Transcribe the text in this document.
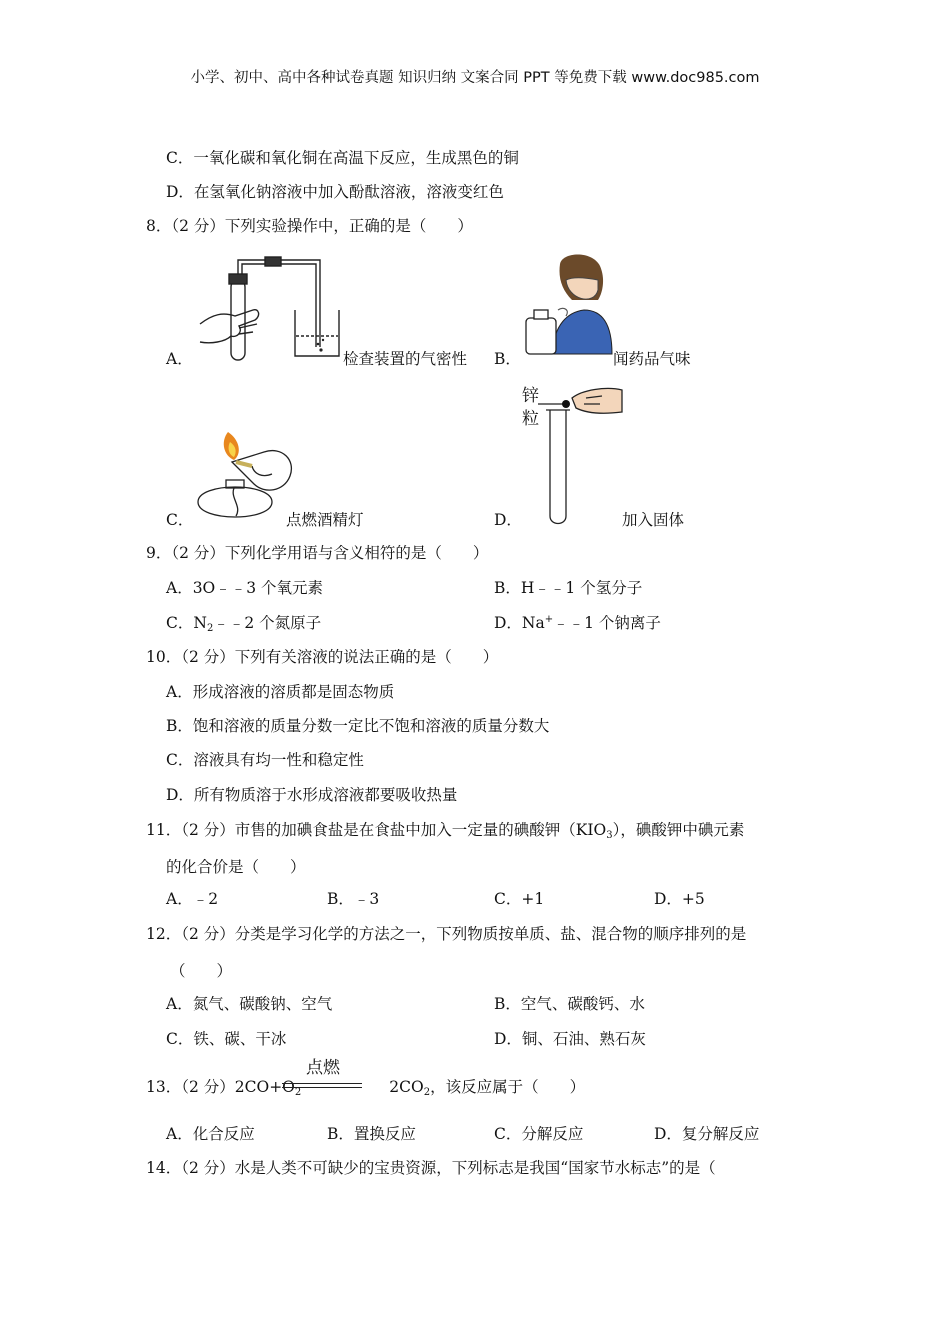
小学、初中、高中各种试卷真题 知识归纳 文案合同 PPT 等免费下载 www.doc985.com
C．一氧化碳和氧化铜在高温下反应，生成黑色的铜
D．在氢氧化钠溶液中加入酚酞溶液，溶液变红色
8．（2 分）下列实验操作中，正确的是（　　）
A．	检查装置的气密性 B．	闻药品气味
C．	点燃酒精灯
锌
粒
D．	加入固体
9．（2 分）下列化学用语与含义相符的是（　　）
A．3O﹣﹣3 个氧元素	B．H﹣﹣1 个氢分子
C．$N_2﹣﹣2$ 个氮原子	D．Na+﹣﹣1 个钠离子
10．（2 分）下列有关溶液的说法正确的是（　　）
A．形成溶液的溶质都是固态物质
B．饱和溶液的质量分数一定比不饱和溶液的质量分数大
C．溶液具有均一性和稳定性
D．所有物质溶于水形成溶液都要吸收热量
11．（2 分）市售的加碘食盐是在食盐中加入一定量的碘酸钾$(KIO_3)$，碘酸钾中碘元素
的化合价是（　　）
A．﹣2	B．﹣3	C．+1	D．+5
12．（2 分）分类是学习化学的方法之一，下列物质按单质、盐、混合物的顺序排列的是
（　　）
A．氮气、碳酸钠、空气	B．空气、碳酸钙、水
C．铁、碳、干冰	D．铜、石油、熟石灰
13．（2 分）$2CO+O_2$	$2CO_2$，该反应属于（　　）
点燃
A．化合反应	B．置换反应	C．分解反应	D．复分解反应
14．（2 分）水是人类不可缺少的宝贵资源，下列标志是我国“国家节水标志”的是（
